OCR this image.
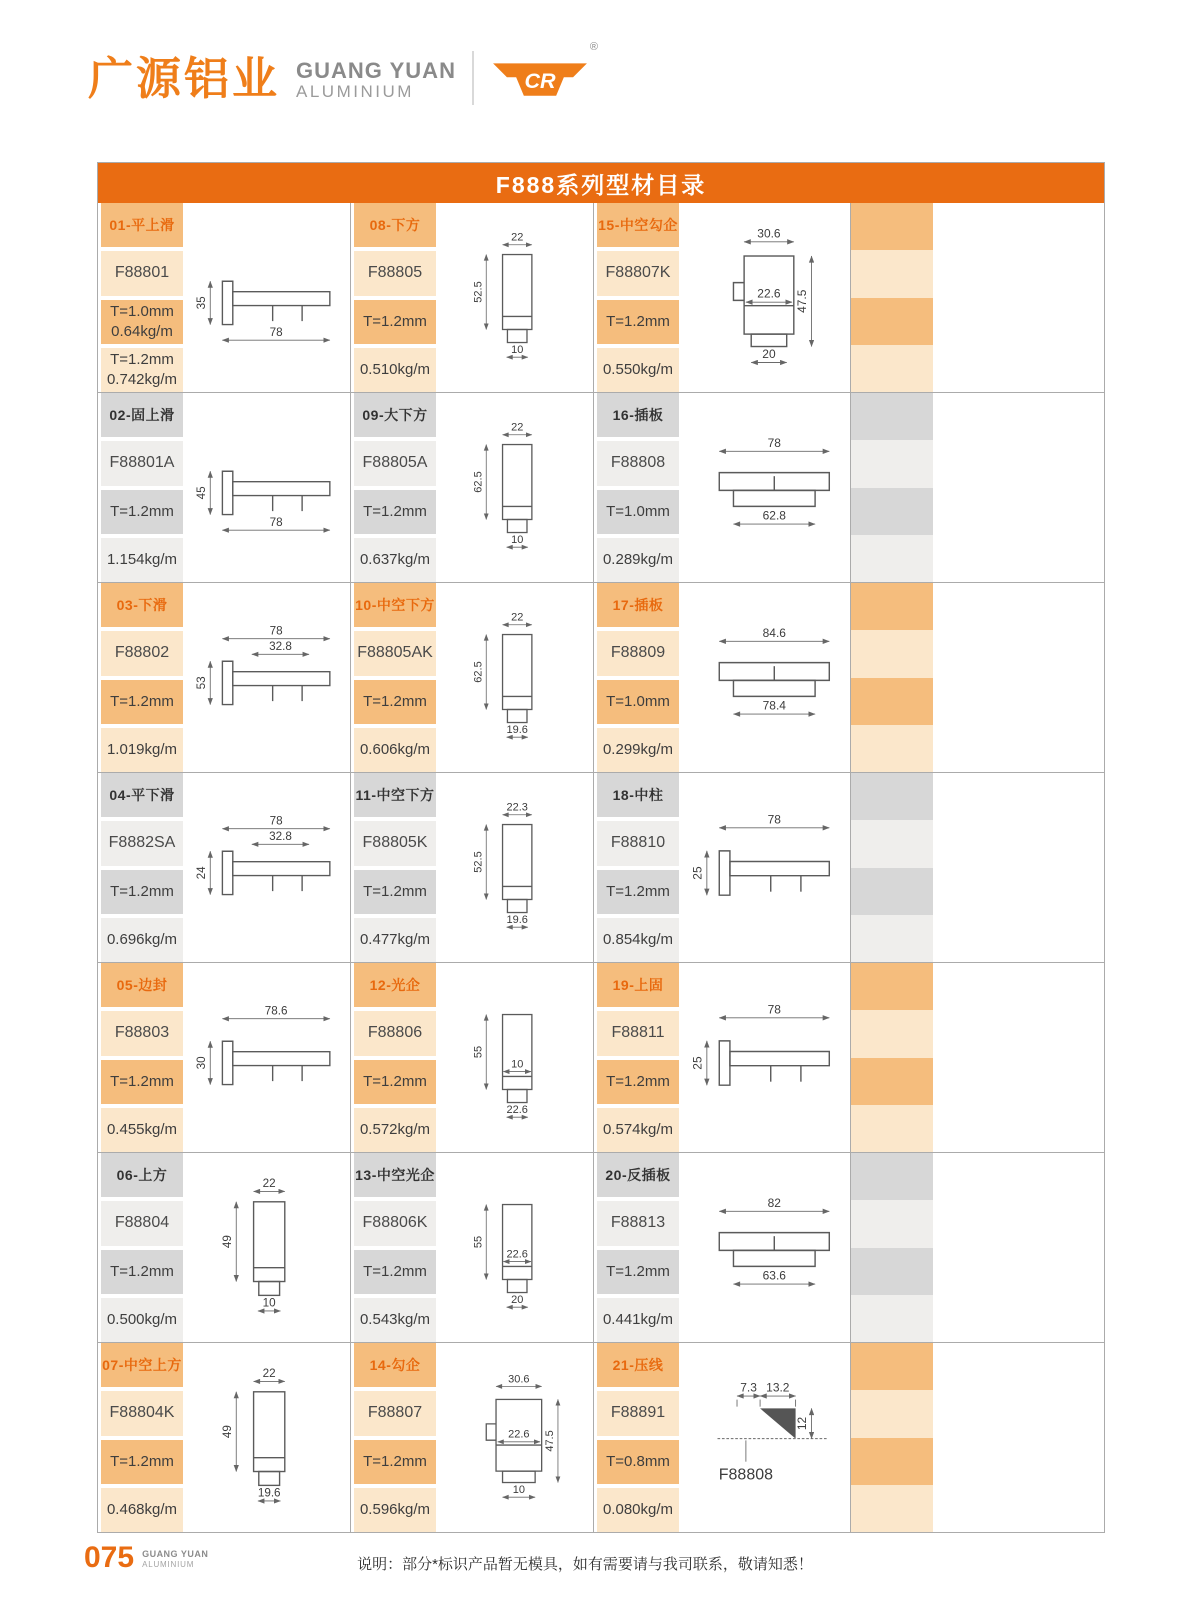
广源铝业 GUANG YUAN
ALUMINIUM	CR
®
F888系列型材目录
01-平上滑
F88801
T=1.0mm
0.64kg/m
T=1.2mm
0.742kg/m
35
78
08-下方
F88805
T=1.2mm
0.510kg/m
22
52.5
10
15-中空勾企
F88807K
T=1.2mm
0.550kg/m
30.6
22.6 47.5
20
02-固上滑
F88801A
T=1.2mm
1.154kg/m
45
78
09-大下方
F88805A
T=1.2mm
0.637kg/m
22
62.5
10
16-插板
F88808
T=1.0mm
0.289kg/m
78
62.8
03-下滑
F88802
T=1.2mm
1.019kg/m
78
32.8
53
10-中空下方
F88805AK
T=1.2mm
0.606kg/m
22
62.5
19.6
17-插板
F88809
T=1.0mm
0.299kg/m
84.6
78.4
04-平下滑
F8882SA
T=1.2mm
0.696kg/m
78
32.8
24
11-中空下方
F88805K
T=1.2mm
0.477kg/m
22.3
52.5
19.6
18-中柱
F88810
T=1.2mm
0.854kg/m
78
25
05-边封
F88803
T=1.2mm
0.455kg/m
78.6
30
12-光企
F88806
T=1.2mm
0.572kg/m
55
10
22.6
19-上固
F88811
T=1.2mm
0.574kg/m
78
25
06-上方
F88804
T=1.2mm
0.500kg/m
22
49
10
13-中空光企
F88806K
T=1.2mm
0.543kg/m
55
22.6
20
20-反插板
F88813
T=1.2mm
0.441kg/m
82
63.6
07-中空上方
F88804K
T=1.2mm
0.468kg/m
22
49
19.6
14-勾企
F88807
T=1.2mm
0.596kg/m
30.6
22.6 47.5
10
21-压线
F88891
T=0.8mm
0.080kg/m
7.3 13.2
12
F88808
075 GUANG YUAN
ALUMINIUM	说明：部分*标识产品暂无模具，如有需要请与我司联系，敬请知悉！
